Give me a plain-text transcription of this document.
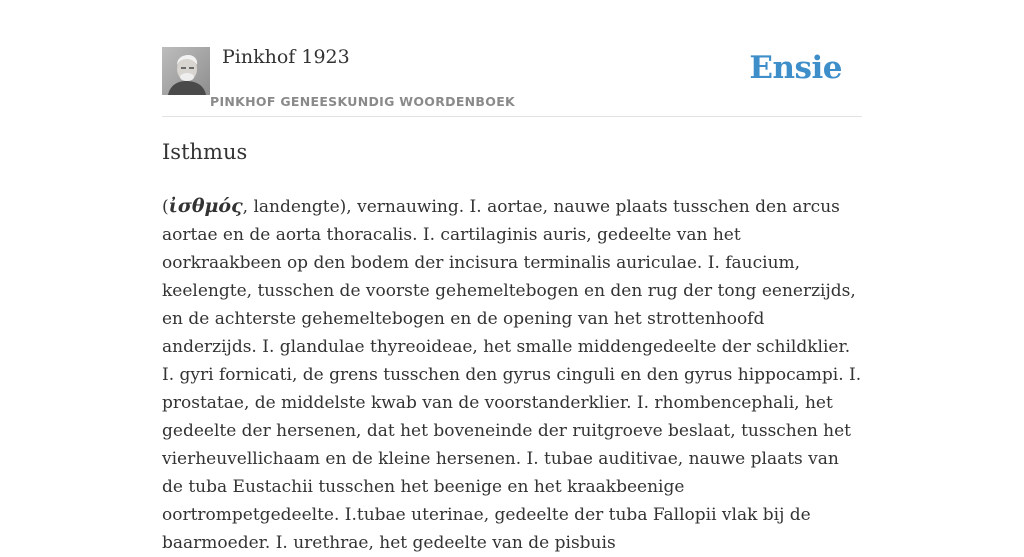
Pinkhof 1923
PINKHOF GENEESKUNDIG WOORDENBOEK
Ensie
Isthmus

(ἰσθμός, landengte), vernauwing. I. aortae, nauwe plaats tusschen den arcus aortae en de aorta thoracalis. I. cartilaginis auris, gedeelte van het oorkraakbeen op den bodem der incisura terminalis auriculae. I. faucium, keelengte, tusschen de voorste gehemeltebogen en den rug der tong eenerzijds, en de achterste gehemeltebogen en de opening van het strottenhoofd anderzijds. I. glandulae thyreoideae, het smalle middengedeelte der schildklier. I. gyri fornicati, de grens tusschen den gyrus cinguli en den gyrus hippocampi. I. prostatae, de middelste kwab van de voorstanderklier. I. rhombencephali, het gedeelte der hersenen, dat het boveneinde der ruitgroeve beslaat, tusschen het vierheuvellichaam en de kleine hersenen. I. tubae auditivae, nauwe plaats van de tuba Eustachii tusschen het beenige en het kraakbeenige oortrompetgedeelte. I.tubae uterinae, gedeelte der tuba Fallopii vlak bij de baarmoeder. I. urethrae, het gedeelte van de pisbuis
